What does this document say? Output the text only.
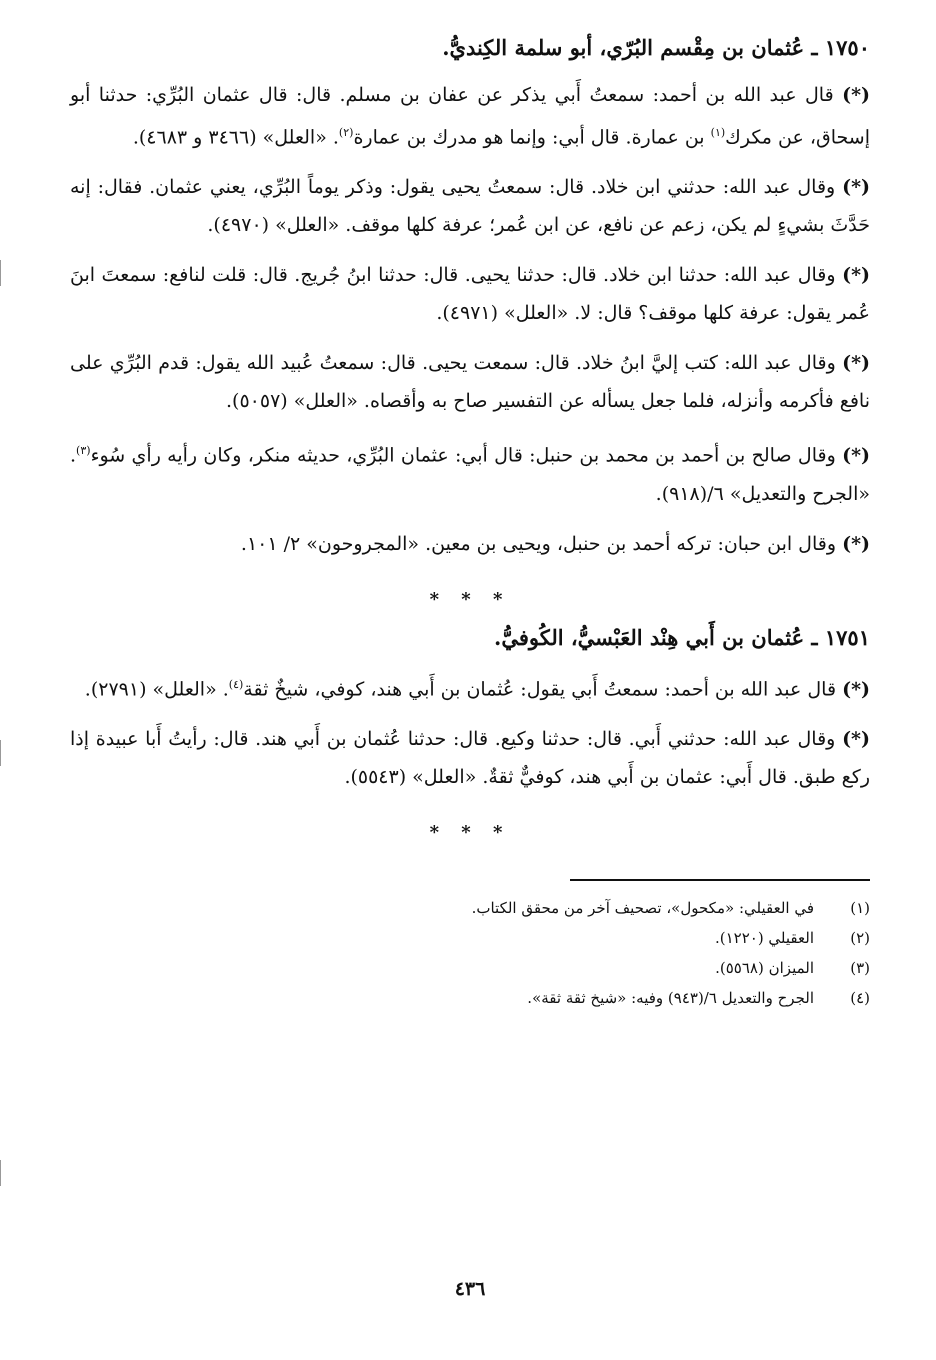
١٧٥٠ ـ عُثمان بن مِقْسم البُرّي، أبو سلمة الكِنديُّ.

(*) قال عبد الله بن أحمد: سمعتُ أَبي يذكر عن عفان بن مسلم. قال: قال عثمان البُرِّي: حدثنا أبو إسحاق، عن مكرك$^{(١)}$ بن عمارة. قال أبي: وإنما هو مدرك بن عمارة$^{(٢)}$. «العلل» (٣٤٦٦ و ٤٦٨٣).

(*) وقال عبد الله: حدثني ابن خلاد. قال: سمعتُ يحيى يقول: وذكر يوماً البُرِّي، يعني عثمان. فقال: إنه حَدَّثَ بشيءٍ لم يكن، زعم عن نافع، عن ابن عُمر؛ عرفة كلها موقف. «العلل» (٤٩٧٠).

(*) وقال عبد الله: حدثنا ابن خلاد. قال: حدثنا يحيى. قال: حدثنا ابنُ جُريج. قال: قلت لنافع: سمعتَ ابنَ عُمر يقول: عرفة كلها موقف؟ قال: لا. «العلل» (٤٩٧١).

(*) وقال عبد الله: كتب إليَّ ابنُ خلاد. قال: سمعت يحيى. قال: سمعتُ عُبيد الله يقول: قدم البُرِّي على نافع فأكرمه وأنزله، فلما جعل يسأله عن التفسير صاح به وأقصاه. «العلل» (٥٠٥٧).

(*) وقال صالح بن أحمد بن محمد بن حنبل: قال أبي: عثمان البُرِّي، حديثه منكر، وكان رأيه رأي سُوء$^{(٣)}$. «الجرح والتعديل» ٦/(٩١٨).

(*) وقال ابن حبان: تركه أحمد بن حنبل، ويحيى بن معين. «المجروحون» ٢/ ١٠١.

* * *
١٧٥١ ـ عُثمان بن أَبي هِنْد العَبْسيُّ، الكُوفيُّ.

(*) قال عبد الله بن أحمد: سمعتُ أَبي يقول: عُثمان بن أَبي هند، كوفي، شيخٌ ثقة$^{(٤)}$. «العلل» (٢٧٩١).

(*) وقال عبد الله: حدثني أَبي. قال: حدثنا وكيع. قال: حدثنا عُثمان بن أَبي هند. قال: رأيتُ أَبا عبيدة إذا ركع طبق. قال أَبي: عثمان بن أَبي هند، كوفيٌّ ثقةٌ. «العلل» (٥٥٤٣).

* * *
(١)
في العقيلي: «مكحول»، تصحيف آخر من محقق الكتاب.
(٢)
العقيلي (١٢٢٠).
(٣)
الميزان (٥٥٦٨).
(٤)
الجرح والتعديل ٦/(٩٤٣) وفيه: «شيخ ثقة ثقة».
٤٣٦
